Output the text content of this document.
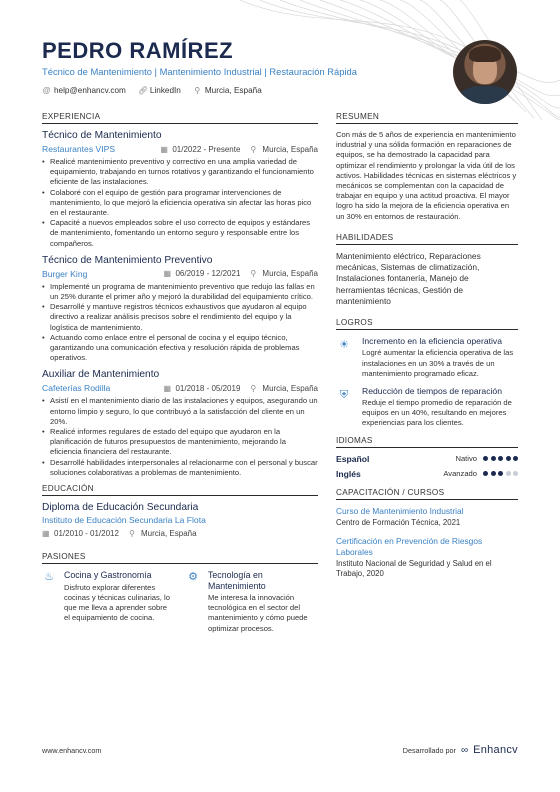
PEDRO RAMÍREZ
Técnico de Mantenimiento | Mantenimiento Industrial | Restauración Rápida
@ help@enhancv.com 🔗︎ LinkedIn ⚲ Murcia, España
EXPERIENCIA
Técnico de Mantenimiento
Restaurantes VIPS	▦ 01/2022 - Presente ⚲ Murcia, España
• Realicé mantenimiento preventivo y correctivo en una amplia variedad de equipamiento, trabajando en turnos rotativos y garantizando el funcionamiento eficiente de las instalaciones.
• Colaboré con el equipo de gestión para programar intervenciones de mantenimiento, lo que mejoró la eficiencia operativa sin afectar las horas pico en el restaurante.
• Capacité a nuevos empleados sobre el uso correcto de equipos y estándares de mantenimiento, fomentando un entorno seguro y responsable entre los compañeros.
Técnico de Mantenimiento Preventivo
Burger King	▦ 06/2019 - 12/2021 ⚲ Murcia, España
• Implementé un programa de mantenimiento preventivo que redujo las fallas en un 25% durante el primer año y mejoró la durabilidad del equipamiento crítico.
• Desarrollé y mantuve registros técnicos exhaustivos que ayudaron al equipo directivo a realizar análisis precisos sobre el rendimiento del equipo y la logística de mantenimiento.
• Actuando como enlace entre el personal de cocina y el equipo técnico, garantizando una comunicación efectiva y resolución rápida de problemas operativos.
Auxiliar de Mantenimiento
Cafeterías Rodilla	▦ 01/2018 - 05/2019 ⚲ Murcia, España
• Asistí en el mantenimiento diario de las instalaciones y equipos, asegurando un entorno limpio y seguro, lo que contribuyó a la satisfacción del cliente en un 20%.
• Realicé informes regulares de estado del equipo que ayudaron en la planificación de futuros presupuestos de mantenimiento, mejorando la eficiencia financiera del restaurante.
• Desarrollé habilidades interpersonales al relacionarme con el personal y buscar soluciones colaborativas a problemas de mantenimiento.
EDUCACIÓN
Diploma de Educación Secundaria
Instituto de Educación Secundaria La Flota
▦ 01/2010 - 01/2012 ⚲ Murcia, España
PASIONES
♨ Cocina y Gastronomía
Disfruto explorar diferentes cocinas y técnicas culinarias, lo que me lleva a aprender sobre el equipamiento de cocina.
⚙ Tecnología en Mantenimiento
Me interesa la innovación tecnológica en el sector del mantenimiento y cómo puede optimizar procesos.
RESUMEN
Con más de 5 años de experiencia en mantenimiento industrial y una sólida formación en reparaciones de equipos, se ha demostrado la capacidad para optimizar el rendimiento y prolongar la vida útil de los activos. Habilidades técnicas en sistemas eléctricos y mecánicos se complementan con la capacidad de trabajar en equipo y una actitud proactiva. El mayor logro ha sido la mejora de la eficiencia operativa en un 30% en entornos de restauración.
HABILIDADES
Mantenimiento eléctrico, Reparaciones mecánicas, Sistemas de climatización, Instalaciones fontanería, Manejo de herramientas técnicas, Gestión de mantenimiento
LOGROS
☀	Incremento en la eficiencia operativa
Logré aumentar la eficiencia operativa de las instalaciones en un 30% a través de un mantenimiento programado eficaz.
⛨	Reducción de tiempos de reparación
Reduje el tiempo promedio de reparación de equipos en un 40%, resultando en mejores experiencias para los clientes.
IDIOMAS
Español	Nativo
Inglés	Avanzado
CAPACITACIÓN / CURSOS
Curso de Mantenimiento Industrial
Centro de Formación Técnica, 2021
Certificación en Prevención de Riesgos Laborales
Instituto Nacional de Seguridad y Salud en el Trabajo, 2020
www.enhancv.com	Desarrollado por ∞ Enhancv
